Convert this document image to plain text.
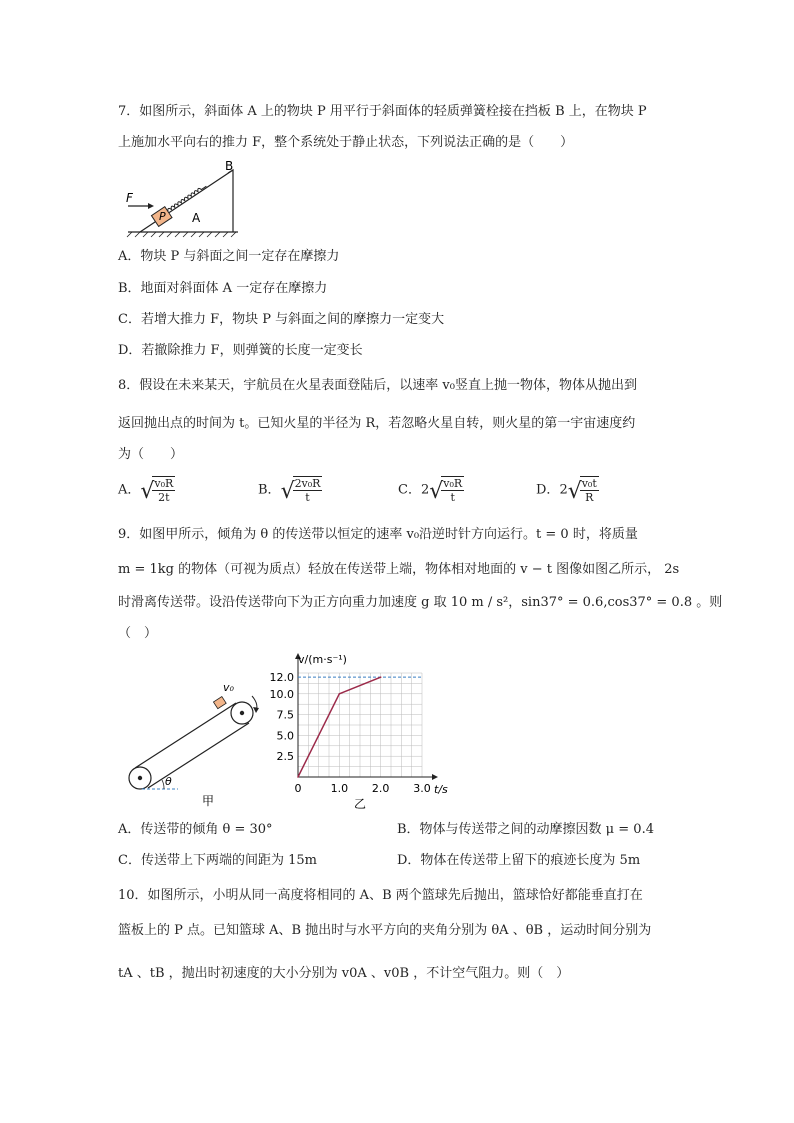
7．如图所示，斜面体 A 上的物块 P 用平行于斜面体的轻质弹簧栓接在挡板 B 上，在物块 P
上施加水平向右的推力 F，整个系统处于静止状态，下列说法正确的是（　　）
F
P A
B
A．物块 P 与斜面之间一定存在摩擦力
B．地面对斜面体 A 一定存在摩擦力
C．若增大推力 F，物块 P 与斜面之间的摩擦力一定变大
D．若撤除推力 F，则弹簧的长度一定变长
8．假设在未来某天，宇航员在火星表面登陆后，以速率 v₀竖直上抛一物体，物体从抛出到
返回抛出点的时间为 t。已知火星的半径为 R，若忽略火星自转，则火星的第一宇宙速度约
为（　　）
A． √ $\frac{\text{v₀R}}{2t}$	B． √ $\frac{\text{2v₀R}}{t}$	C．2 √ $\frac{\text{v₀R}}{t}$	D．2 √ $\frac{\text{v₀t}}{R}$
9．如图甲所示，倾角为 θ 的传送带以恒定的速率 v₀沿逆时针方向运行。t = 0 时，将质量
m = 1kg 的物体（可视为质点）轻放在传送带上端，物体相对地面的 v − t 图像如图乙所示， 2s
时滑离传送带。设沿传送带向下为正方向重力加速度 g 取 10 m / s²，sin37° = 0.6,cos37° = 0.8 。则
（　）
θ
v₀
甲
0	1.0 2.0 3.0
2.5
5.0
7.5
10.0
12.0
v/(m·s⁻¹)
t/s
乙
A．传送带的倾角 θ = 30°	B．物体与传送带之间的动摩擦因数 μ = 0.4
C．传送带上下两端的间距为 15m	D．物体在传送带上留下的痕迹长度为 5m
10．如图所示，小明从同一高度将相同的 A、B 两个篮球先后抛出，篮球恰好都能垂直打在
篮板上的 P 点。已知篮球 A、B 抛出时与水平方向的夹角分别为 θA 、θB ，运动时间分别为
tA 、tB ，抛出时初速度的大小分别为 v0A 、v0B ，不计空气阻力。则（　）
